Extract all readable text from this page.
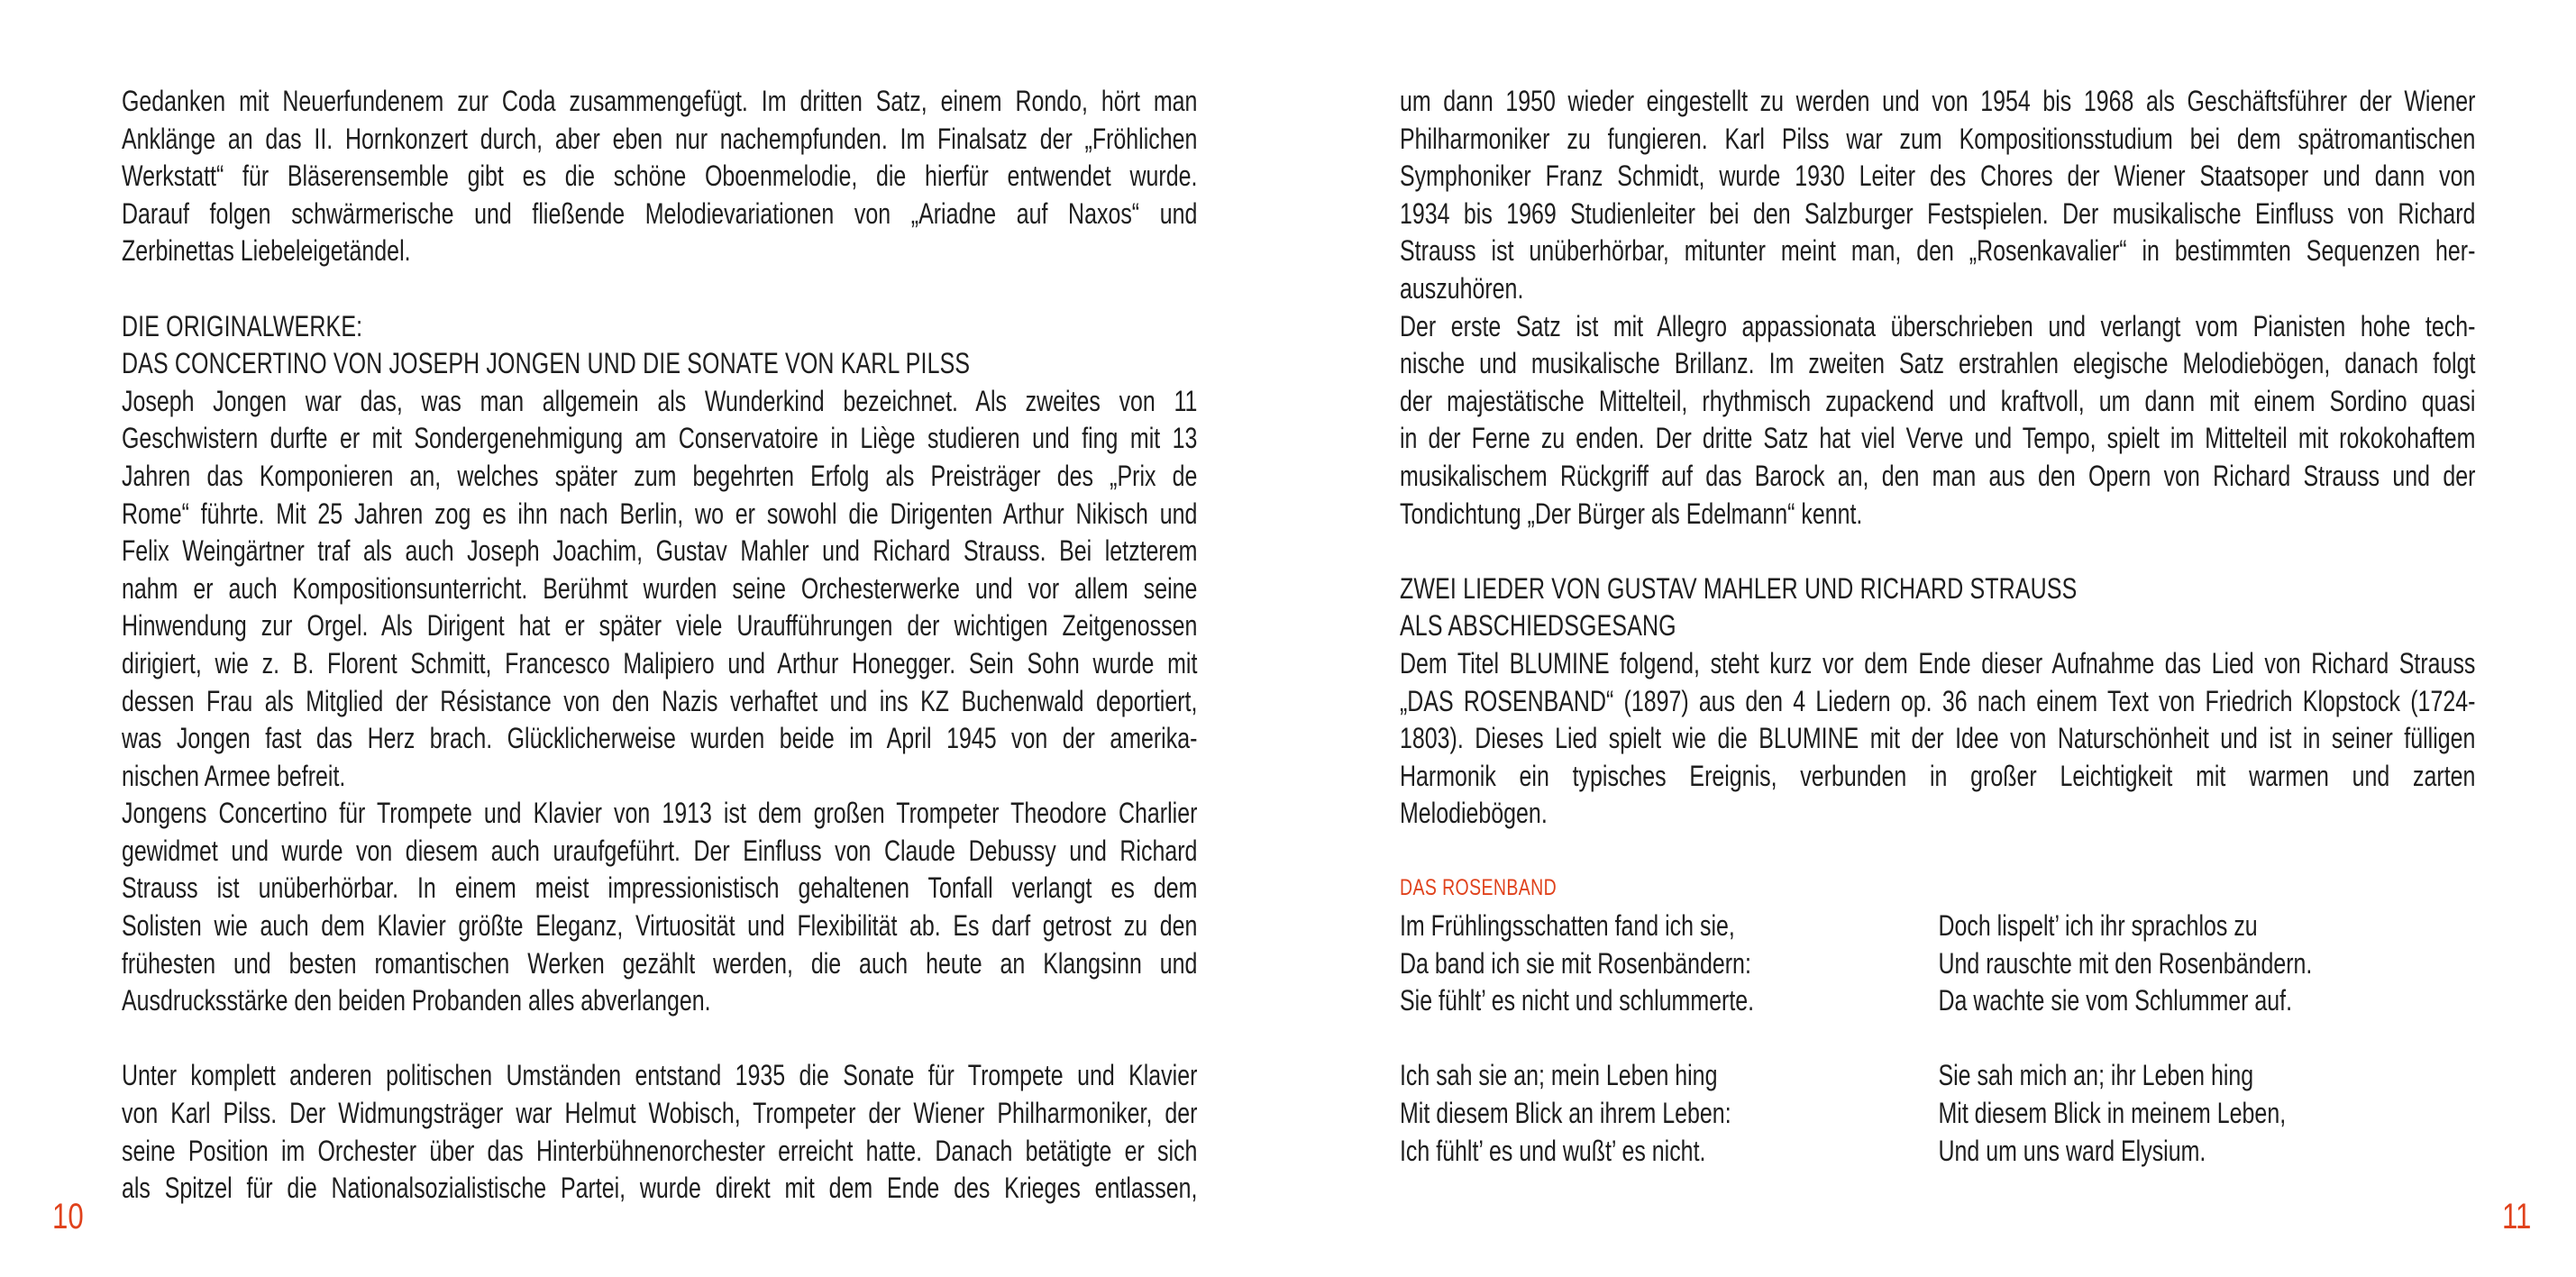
Gedanken mit Neuerfundenem zur Coda zusammengefügt. Im dritten Satz, einem Rondo, hört man
Anklänge an das II. Hornkonzert durch, aber eben nur nachempfunden. Im Finalsatz der „Fröhlichen
Werkstatt“ für Bläserensemble gibt es die schöne Oboenmelodie, die hierfür entwendet wurde.
Darauf folgen schwärmerische und fließende Melodievariationen von „Ariadne auf Naxos“ und
Zerbinettas Liebeleigetändel.
DIE ORIGINALWERKE:
DAS CONCERTINO VON JOSEPH JONGEN UND DIE SONATE VON KARL PILSS
Joseph Jongen war das, was man allgemein als Wunderkind bezeichnet. Als zweites von 11
Geschwistern durfte er mit Sondergenehmigung am Conservatoire in Liège studieren und fing mit 13
Jahren das Komponieren an, welches später zum begehrten Erfolg als Preisträger des „Prix de
Rome“ führte. Mit 25 Jahren zog es ihn nach Berlin, wo er sowohl die Dirigenten Arthur Nikisch und
Felix Weingärtner traf als auch Joseph Joachim, Gustav Mahler und Richard Strauss. Bei letzterem
nahm er auch Kompositionsunterricht. Berühmt wurden seine Orchesterwerke und vor allem seine
Hinwendung zur Orgel. Als Dirigent hat er später viele Uraufführungen der wichtigen Zeitgenossen
dirigiert, wie z. B. Florent Schmitt, Francesco Malipiero und Arthur Honegger. Sein Sohn wurde mit
dessen Frau als Mitglied der Résistance von den Nazis verhaftet und ins KZ Buchenwald deportiert,
was Jongen fast das Herz brach. Glücklicherweise wurden beide im April 1945 von der amerika-
nischen Armee befreit.
Jongens Concertino für Trompete und Klavier von 1913 ist dem großen Trompeter Theodore Charlier
gewidmet und wurde von diesem auch uraufgeführt. Der Einfluss von Claude Debussy und Richard
Strauss ist unüberhörbar. In einem meist impressionistisch gehaltenen Tonfall verlangt es dem
Solisten wie auch dem Klavier größte Eleganz, Virtuosität und Flexibilität ab. Es darf getrost zu den
frühesten und besten romantischen Werken gezählt werden, die auch heute an Klangsinn und
Ausdrucksstärke den beiden Probanden alles abverlangen.
Unter komplett anderen politischen Umständen entstand 1935 die Sonate für Trompete und Klavier
von Karl Pilss. Der Widmungsträger war Helmut Wobisch, Trompeter der Wiener Philharmoniker, der
seine Position im Orchester über das Hinterbühnenorchester erreicht hatte. Danach betätigte er sich
als Spitzel für die Nationalsozialistische Partei, wurde direkt mit dem Ende des Krieges entlassen,
10
um dann 1950 wieder eingestellt zu werden und von 1954 bis 1968 als Geschäftsführer der Wiener
Philharmoniker zu fungieren. Karl Pilss war zum Kompositionsstudium bei dem spätromantischen
Symphoniker Franz Schmidt, wurde 1930 Leiter des Chores der Wiener Staatsoper und dann von
1934 bis 1969 Studienleiter bei den Salzburger Festspielen. Der musikalische Einfluss von Richard
Strauss ist unüberhörbar, mitunter meint man, den „Rosenkavalier“ in bestimmten Sequenzen her-
auszuhören.
Der erste Satz ist mit Allegro appassionata überschrieben und verlangt vom Pianisten hohe tech-
nische und musikalische Brillanz. Im zweiten Satz erstrahlen elegische Melodiebögen, danach folgt
der majestätische Mittelteil, rhythmisch zupackend und kraftvoll, um dann mit einem Sordino quasi
in der Ferne zu enden. Der dritte Satz hat viel Verve und Tempo, spielt im Mittelteil mit rokokohaftem
musikalischem Rückgriff auf das Barock an, den man aus den Opern von Richard Strauss und der
Tondichtung „Der Bürger als Edelmann“ kennt.
ZWEI LIEDER VON GUSTAV MAHLER UND RICHARD STRAUSS
ALS ABSCHIEDSGESANG
Dem Titel BLUMINE folgend, steht kurz vor dem Ende dieser Aufnahme das Lied von Richard Strauss
„DAS ROSENBAND“ (1897) aus den 4 Liedern op. 36 nach einem Text von Friedrich Klopstock (1724-
1803). Dieses Lied spielt wie die BLUMINE mit der Idee von Naturschönheit und ist in seiner fülligen
Harmonik ein typisches Ereignis, verbunden in großer Leichtigkeit mit warmen und zarten
Melodiebögen.
DAS ROSENBAND
Im Frühlingsschatten fand ich sie,
Da band ich sie mit Rosenbändern:
Sie fühlt’ es nicht und schlummerte.
Ich sah sie an; mein Leben hing
Mit diesem Blick an ihrem Leben:
Ich fühlt’ es und wußt’ es nicht.
Doch lispelt’ ich ihr sprachlos zu
Und rauschte mit den Rosenbändern.
Da wachte sie vom Schlummer auf.
Sie sah mich an; ihr Leben hing
Mit diesem Blick in meinem Leben,
Und um uns ward Elysium.
11
